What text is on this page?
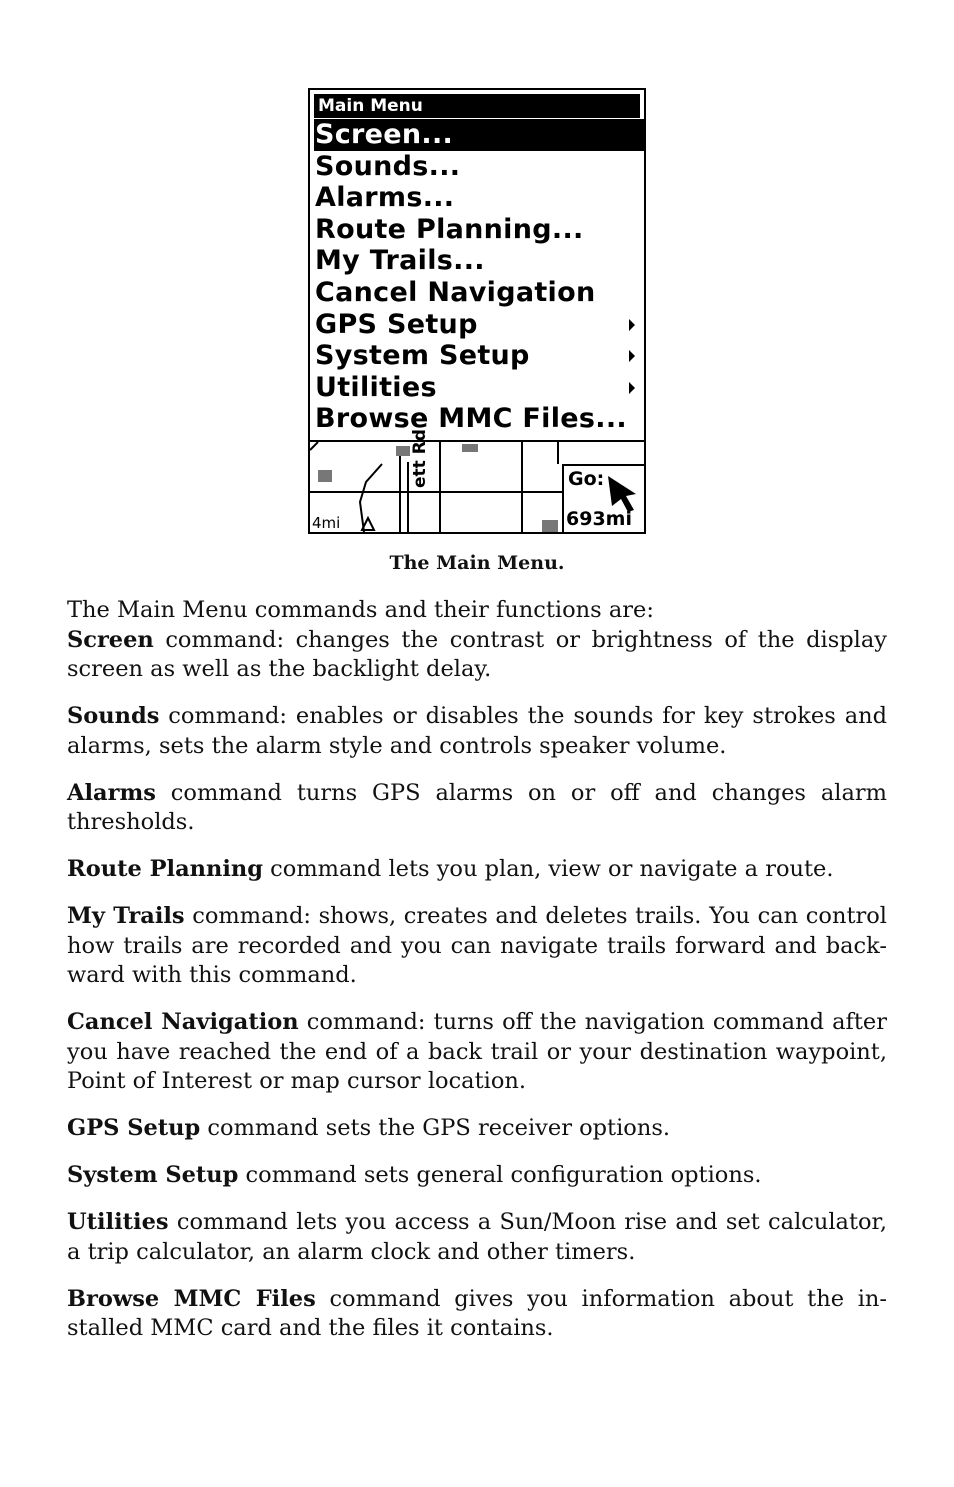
Main Menu
Screen...
Sounds...
Alarms...
Route Planning...
My Trails...
Cancel Navigation
GPS Setup
System Setup
Utilities
Browse MMC Files...
4mi
ett Rd	Go:
693mi
The Main Menu.

The Main Menu commands and their functions are:

Screen command: changes the contrast or brightness of the display screen as well as the backlight delay.

Sounds command: enables or disables the sounds for key strokes and alarms, sets the alarm style and controls speaker volume.

Alarms command turns GPS alarms on or off and changes alarm thresholds.

Route Planning command lets you plan, view or navigate a route.

My Trails command: shows, creates and deletes trails. You can control how trails are recorded and you can navigate trails forward and back-ward with this command.

Cancel Navigation command: turns off the navigation command after you have reached the end of a back trail or your destination waypoint, Point of Interest or map cursor location.

GPS Setup command sets the GPS receiver options.

System Setup command sets general configuration options.

Utilities command lets you access a Sun/Moon rise and set calculator, a trip calculator, an alarm clock and other timers.

Browse MMC Files command gives you information about the in-stalled MMC card and the files it contains.
